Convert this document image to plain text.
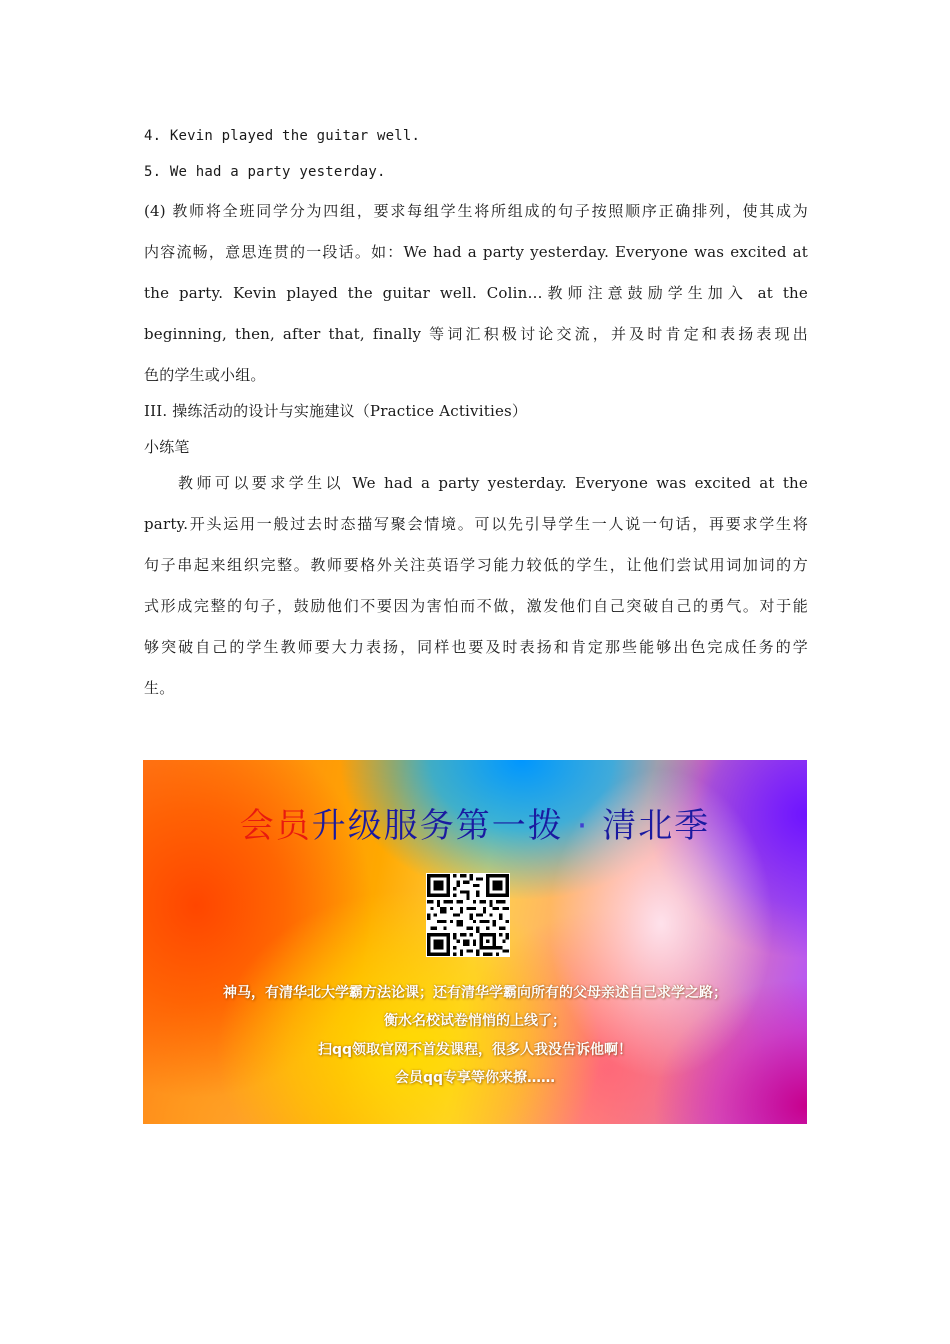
4. Kevin played the guitar well.
5. We had a party yesterday.
(4) 教师将全班同学分为四组，要求每组学生将所组成的句子按照顺序正确排列，使其成为
内容流畅，意思连贯的一段话。如：We had a party yesterday. Everyone was excited at
the party. Kevin played the guitar well. Colin…教师注意鼓励学生加入 at the
beginning, then, after that, finally 等词汇积极讨论交流，并及时肯定和表扬表现出
色的学生或小组。
III. 操练活动的设计与实施建议（Practice Activities）
小练笔
教师可以要求学生以 We had a party yesterday. Everyone was excited at the
party.开头运用一般过去时态描写聚会情境。可以先引导学生一人说一句话，再要求学生将
句子串起来组织完整。教师要格外关注英语学习能力较低的学生，让他们尝试用词加词的方
式形成完整的句子，鼓励他们不要因为害怕而不做，激发他们自己突破自己的勇气。对于能
够突破自己的学生教师要大力表扬，同样也要及时表扬和肯定那些能够出色完成任务的学
生。
会员升级服务第一拨 · 清北季
神马，有清华北大学霸方法论课；还有清华学霸向所有的父母亲述自己求学之路；
衡水名校试卷悄悄的上线了；
扫qq领取官网不首发课程，很多人我没告诉他啊！
会员qq专享等你来撩……
